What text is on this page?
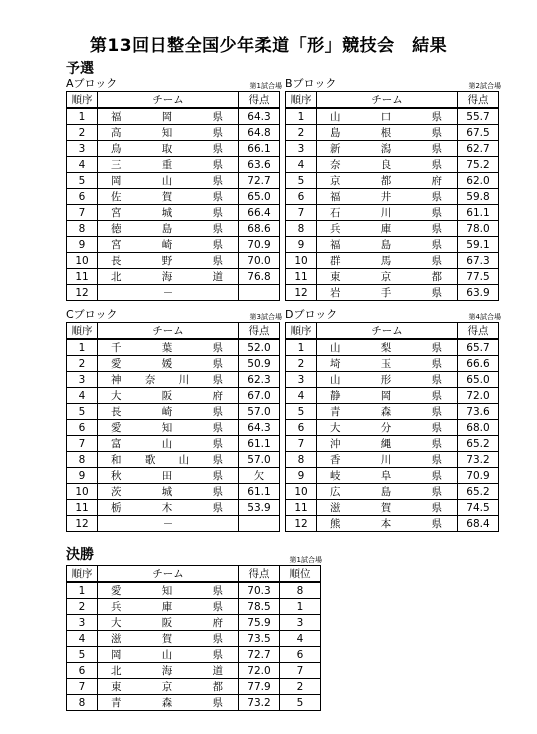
第13回日整全国少年柔道「形」競技会　結果
予選
Aブロック	第1試合場
順序	チーム	得点
1	福岡県	64.3
2	高知県	64.8
3	鳥取県	66.1
4	三重県	63.6
5	岡山県	72.7
6	佐賀県	65.0
7	宮城県	66.4
8	徳島県	68.6
9	宮崎県	70.9
10	長野県	70.0
11	北海道	76.8
12	－	

Bブロック	第2試合場
順序	チーム	得点
1	山口県	55.7
2	島根県	67.5
3	新潟県	62.7
4	奈良県	75.2
5	京都府	62.0
6	福井県	59.8
7	石川県	61.1
8	兵庫県	78.0
9	福島県	59.1
10	群馬県	67.3
11	東京都	77.5
12	岩手県	63.9
Cブロック	第3試合場
順序	チーム	得点
1	千葉県	52.0
2	愛媛県	50.9
3	神奈川県	62.3
4	大阪府	67.0
5	長崎県	57.0
6	愛知県	64.3
7	富山県	61.1
8	和歌山県	57.0
9	秋田県	欠
10	茨城県	61.1
11	栃木県	53.9
12	－	

Dブロック	第4試合場
順序	チーム	得点
1	山梨県	65.7
2	埼玉県	66.6
3	山形県	65.0
4	静岡県	72.0
5	青森県	73.6
6	大分県	68.0
7	沖縄県	65.2
8	香川県	73.2
9	岐阜県	70.9
10	広島県	65.2
11	滋賀県	74.5
12	熊本県	68.4
決勝	第1試合場
順序	チーム	得点	順位
1	愛知県	70.3	8
2	兵庫県	78.5	1
3	大阪府	75.9	3
4	滋賀県	73.5	4
5	岡山県	72.7	6
6	北海道	72.0	7
7	東京都	77.9	2
8	青森県	73.2	5
